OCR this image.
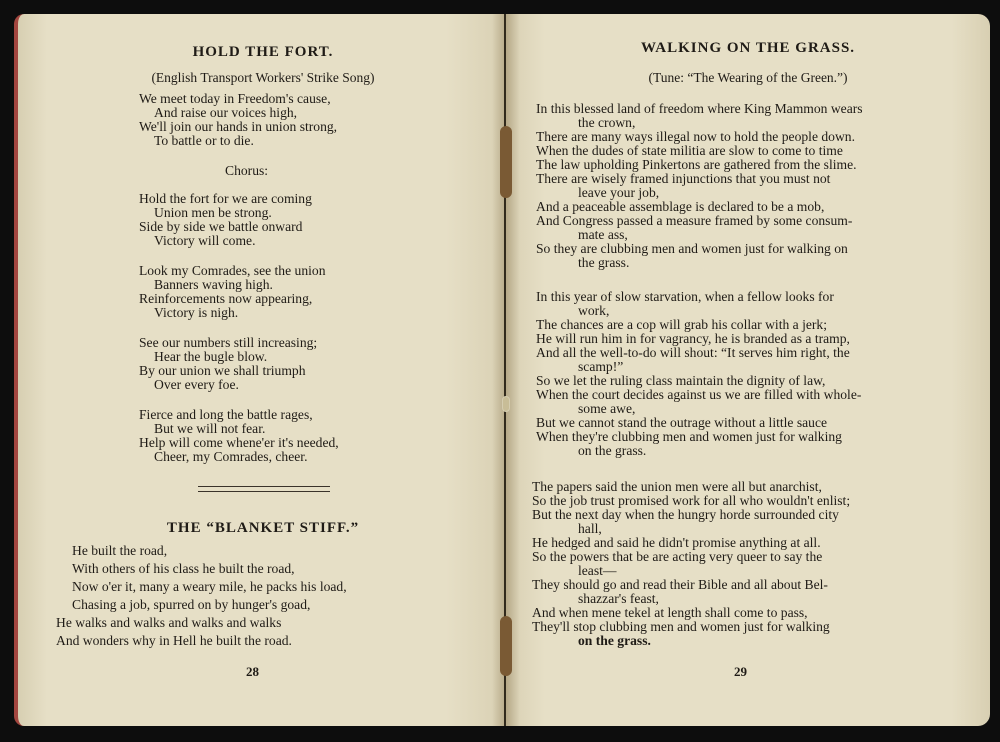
HOLD THE FORT.
(English Transport Workers' Strike Song)
We meet today in Freedom's cause,
And raise our voices high,
We'll join our hands in union strong,
To battle or to die.
Chorus:
Hold the fort for we are coming
Union men be strong.
Side by side we battle onward
Victory will come.
Look my Comrades, see the union
Banners waving high.
Reinforcements now appearing,
Victory is nigh.
See our numbers still increasing;
Hear the bugle blow.
By our union we shall triumph
Over every foe.
Fierce and long the battle rages,
But we will not fear.
Help will come whene'er it's needed,
Cheer, my Comrades, cheer.
THE “BLANKET STIFF.”
He built the road,
With others of his class he built the road,
Now o'er it, many a weary mile, he packs his load,
Chasing a job, spurred on by hunger's goad,
He walks and walks and walks and walks
And wonders why in Hell he built the road.
28
WALKING ON THE GRASS.
(Tune: “The Wearing of the Green.”)
In this blessed land of freedom where King Mammon wears
the crown,
There are many ways illegal now to hold the people down.
When the dudes of state militia are slow to come to time
The law upholding Pinkertons are gathered from the slime.
There are wisely framed injunctions that you must not
leave your job,
And a peaceable assemblage is declared to be a mob,
And Congress passed a measure framed by some consum-
mate ass,
So they are clubbing men and women just for walking on
the grass.
In this year of slow starvation, when a fellow looks for
work,
The chances are a cop will grab his collar with a jerk;
He will run him in for vagrancy, he is branded as a tramp,
And all the well-to-do will shout: “It serves him right, the
scamp!”
So we let the ruling class maintain the dignity of law,
When the court decides against us we are filled with whole-
some awe,
But we cannot stand the outrage without a little sauce
When they're clubbing men and women just for walking
on the grass.
The papers said the union men were all but anarchist,
So the job trust promised work for all who wouldn't enlist;
But the next day when the hungry horde surrounded city
hall,
He hedged and said he didn't promise anything at all.
So the powers that be are acting very queer to say the
least—
They should go and read their Bible and all about Bel-
shazzar's feast,
And when mene tekel at length shall come to pass,
They'll stop clubbing men and women just for walking
on the grass.
29
